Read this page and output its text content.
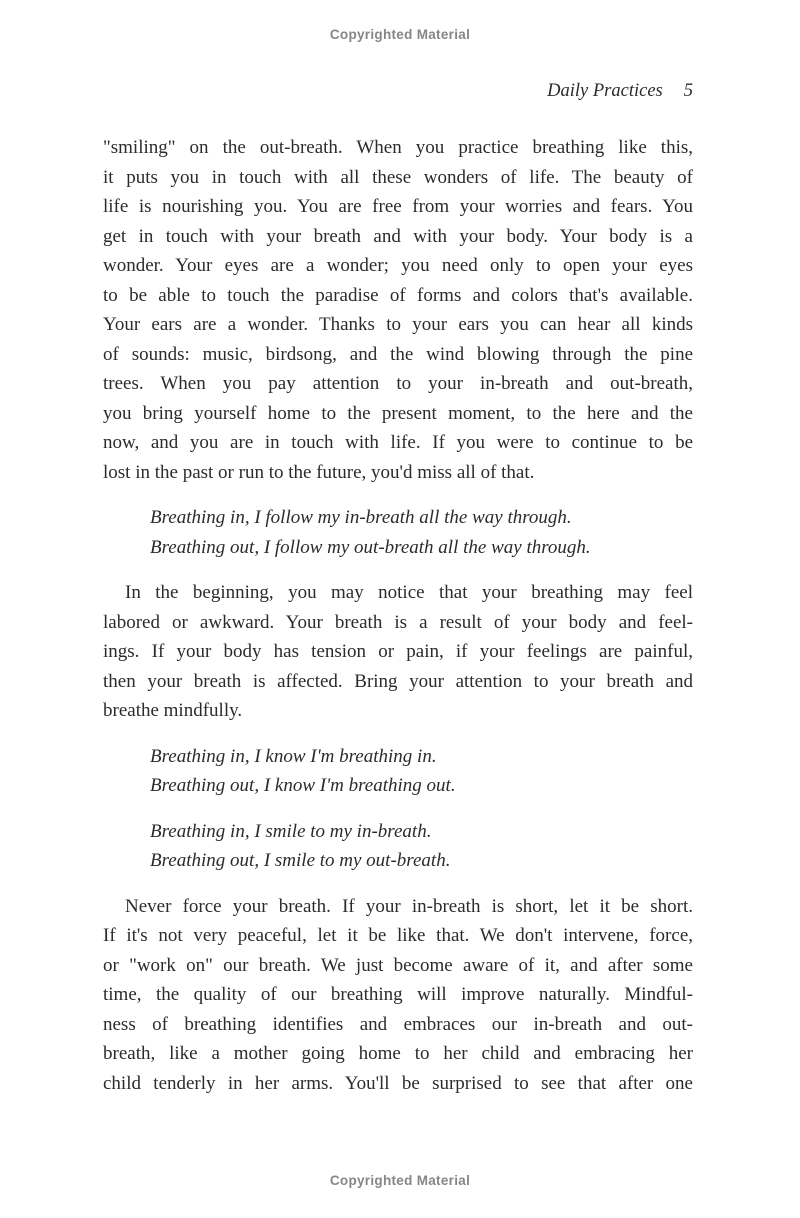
Copyrighted Material
Daily Practices 5
"smiling" on the out-breath. When you practice breathing like this,
it puts you in touch with all these wonders of life. The beauty of
life is nourishing you. You are free from your worries and fears. You
get in touch with your breath and with your body. Your body is a
wonder. Your eyes are a wonder; you need only to open your eyes
to be able to touch the paradise of forms and colors that's available.
Your ears are a wonder. Thanks to your ears you can hear all kinds
of sounds: music, birdsong, and the wind blowing through the pine
trees. When you pay attention to your in-breath and out-breath,
you bring yourself home to the present moment, to the here and the
now, and you are in touch with life. If you were to continue to be
lost in the past or run to the future, you'd miss all of that.
Breathing in, I follow my in-breath all the way through.
Breathing out, I follow my out-breath all the way through.
In the beginning, you may notice that your breathing may feel
labored or awkward. Your breath is a result of your body and feel-
ings. If your body has tension or pain, if your feelings are painful,
then your breath is affected. Bring your attention to your breath and
breathe mindfully.
Breathing in, I know I'm breathing in.
Breathing out, I know I'm breathing out.
Breathing in, I smile to my in-breath.
Breathing out, I smile to my out-breath.
Never force your breath. If your in-breath is short, let it be short.
If it's not very peaceful, let it be like that. We don't intervene, force,
or "work on" our breath. We just become aware of it, and after some
time, the quality of our breathing will improve naturally. Mindful-
ness of breathing identifies and embraces our in-breath and out-
breath, like a mother going home to her child and embracing her
child tenderly in her arms. You'll be surprised to see that after one
Copyrighted Material
